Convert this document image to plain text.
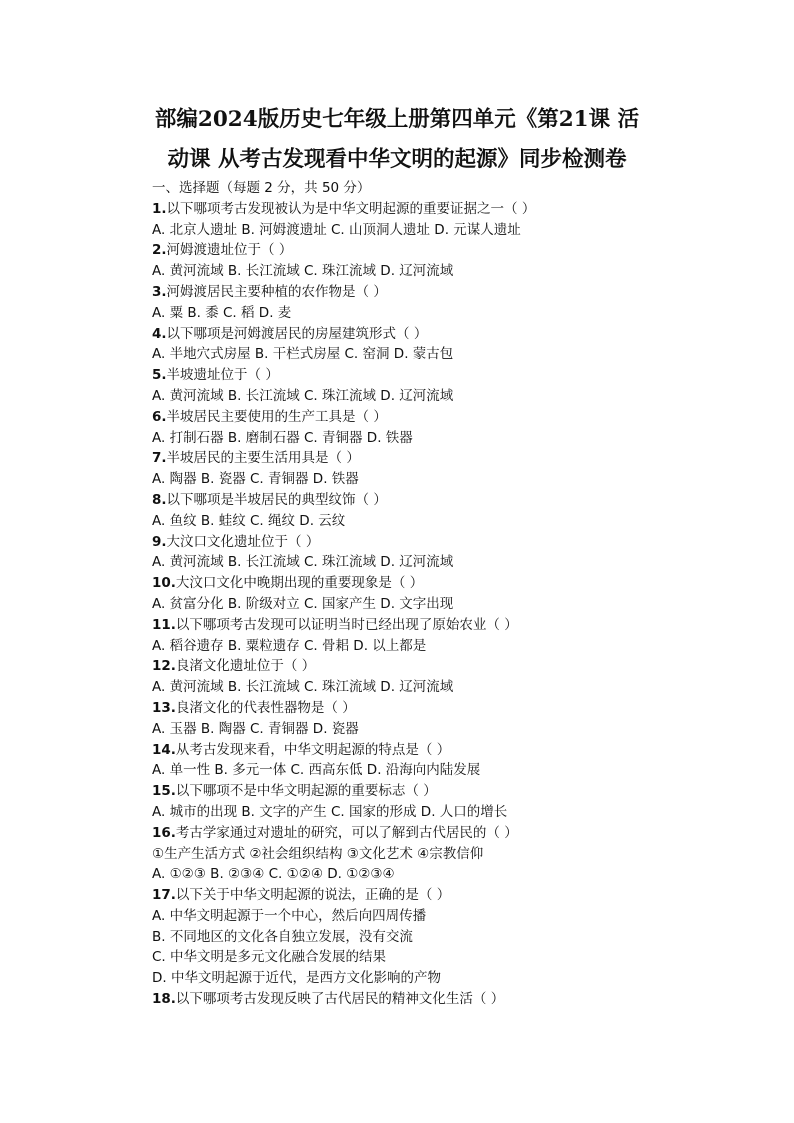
部编2024版历史七年级上册第四单元《第21课 活
动课 从考古发现看中华文明的起源》同步检测卷
一、选择题（每题 2 分，共 50 分）
1.以下哪项考古发现被认为是中华文明起源的重要证据之一（ ）
A. 北京人遗址 B. 河姆渡遗址 C. 山顶洞人遗址 D. 元谋人遗址
2.河姆渡遗址位于（ ）
A. 黄河流域 B. 长江流域 C. 珠江流域 D. 辽河流域
3.河姆渡居民主要种植的农作物是（ ）
A. 粟 B. 黍 C. 稻 D. 麦
4.以下哪项是河姆渡居民的房屋建筑形式（ ）
A. 半地穴式房屋 B. 干栏式房屋 C. 窑洞 D. 蒙古包
5.半坡遗址位于（ ）
A. 黄河流域 B. 长江流域 C. 珠江流域 D. 辽河流域
6.半坡居民主要使用的生产工具是（ ）
A. 打制石器 B. 磨制石器 C. 青铜器 D. 铁器
7.半坡居民的主要生活用具是（ ）
A. 陶器 B. 瓷器 C. 青铜器 D. 铁器
8.以下哪项是半坡居民的典型纹饰（ ）
A. 鱼纹 B. 蛙纹 C. 绳纹 D. 云纹
9.大汶口文化遗址位于（ ）
A. 黄河流域 B. 长江流域 C. 珠江流域 D. 辽河流域
10.大汶口文化中晚期出现的重要现象是（ ）
A. 贫富分化 B. 阶级对立 C. 国家产生 D. 文字出现
11.以下哪项考古发现可以证明当时已经出现了原始农业（ ）
A. 稻谷遗存 B. 粟粒遗存 C. 骨耜 D. 以上都是
12.良渚文化遗址位于（ ）
A. 黄河流域 B. 长江流域 C. 珠江流域 D. 辽河流域
13.良渚文化的代表性器物是（ ）
A. 玉器 B. 陶器 C. 青铜器 D. 瓷器
14.从考古发现来看，中华文明起源的特点是（ ）
A. 单一性 B. 多元一体 C. 西高东低 D. 沿海向内陆发展
15.以下哪项不是中华文明起源的重要标志（ ）
A. 城市的出现 B. 文字的产生 C. 国家的形成 D. 人口的增长
16.考古学家通过对遗址的研究，可以了解到古代居民的（ ）
①生产生活方式 ②社会组织结构 ③文化艺术 ④宗教信仰
A. ①②③ B. ②③④ C. ①②④ D. ①②③④
17.以下关于中华文明起源的说法，正确的是（ ）
A. 中华文明起源于一个中心，然后向四周传播
B. 不同地区的文化各自独立发展，没有交流
C. 中华文明是多元文化融合发展的结果
D. 中华文明起源于近代，是西方文化影响的产物
18.以下哪项考古发现反映了古代居民的精神文化生活（ ）
